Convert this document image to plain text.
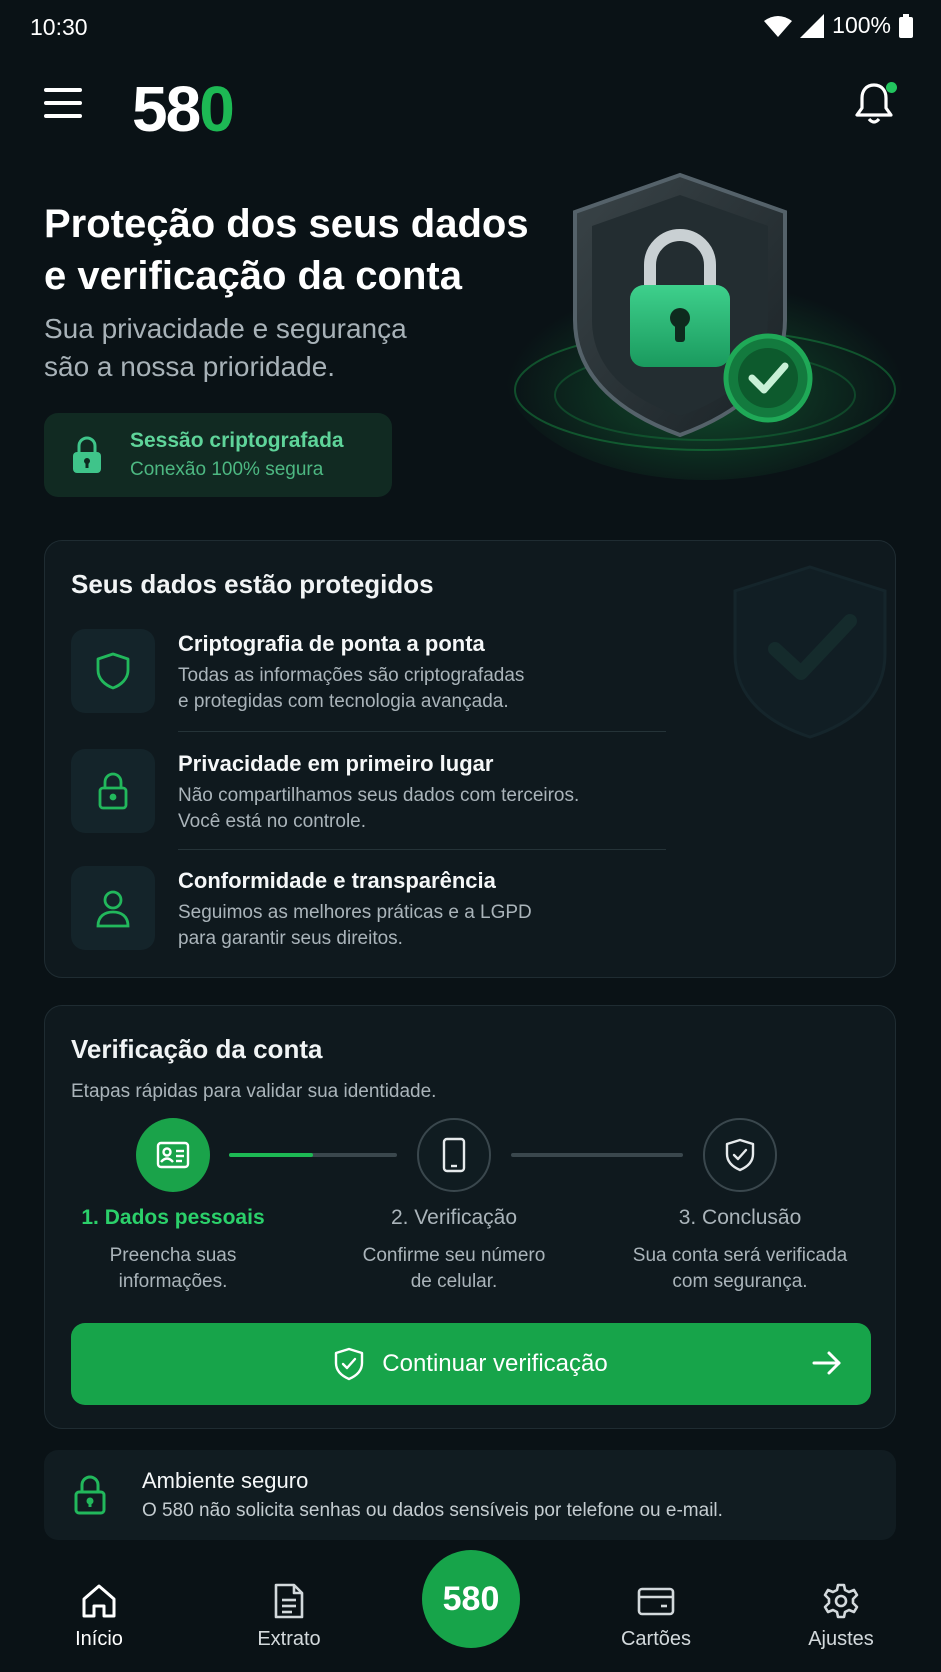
10:30	100%
580
Proteção dos seus dados
e verificação da conta
Sua privacidade e segurança
são a nossa prioridade.
Sessão criptografada
Conexão 100% segura
Seus dados estão protegidos
Criptografia de ponta a ponta
Todas as informações são criptografadas
e protegidas com tecnologia avançada.
Privacidade em primeiro lugar
Não compartilhamos seus dados com terceiros.
Você está no controle.
Conformidade e transparência
Seguimos as melhores práticas e a LGPD
para garantir seus direitos.
Verificação da conta
Etapas rápidas para validar sua identidade.
1. Dados pessoais
Preencha suas
informações.
2. Verificação
Confirme seu número
de celular.
3. Conclusão
Sua conta será verificada
com segurança.
Continuar verificação
Ambiente seguro
O 580 não solicita senhas ou dados sensíveis por telefone ou e-mail.
Início	Extrato
580
Cartões	Ajustes
